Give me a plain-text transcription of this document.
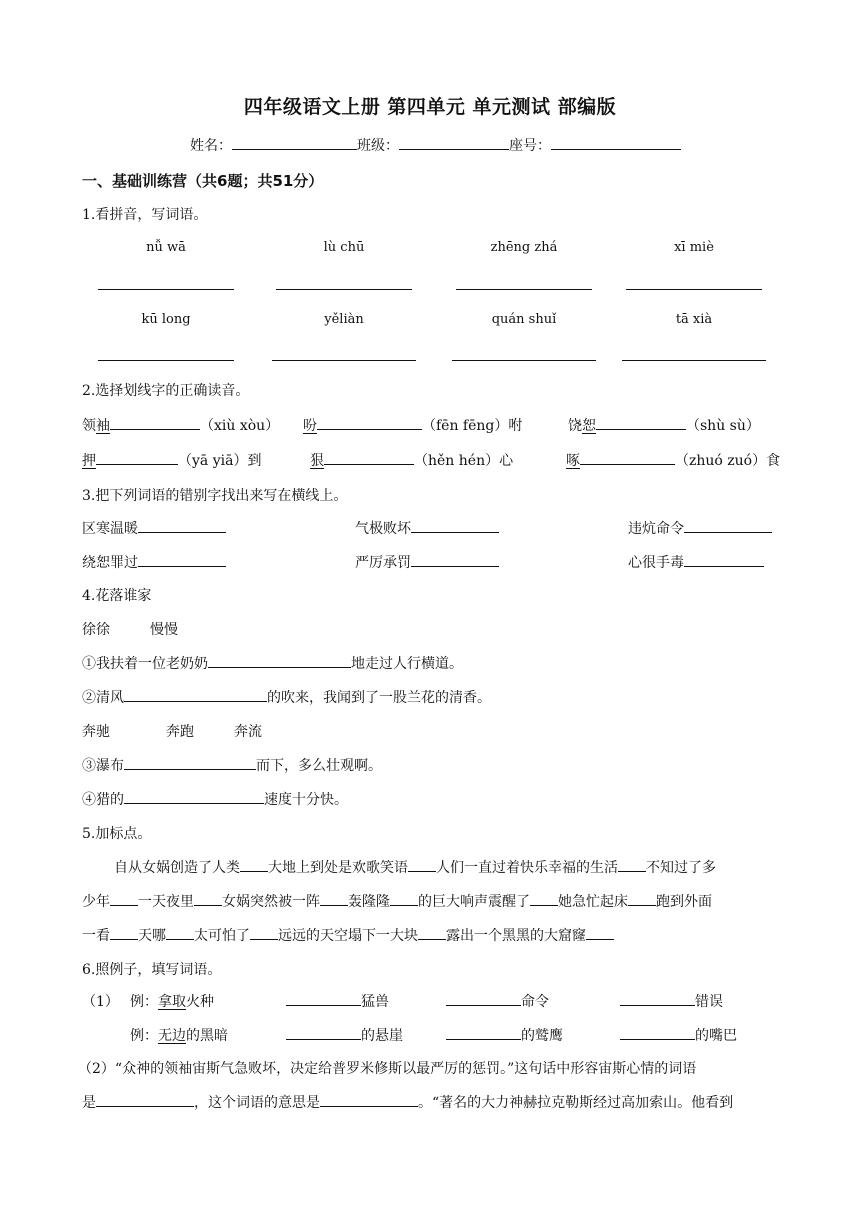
四年级语文上册 第四单元 单元测试 部编版
姓名：	班级：	座号：
一、基础训练营（共6题；共51分）
1.看拼音，写词语。
nǚ wā	lù chū	zhēng zhá	xī miè
kū long	yěliàn	quán shuǐ	tā xià
2.选择划线字的正确读音。
领袖	（xiù xòu） 吩	（fēn fēng）咐	饶恕	（shù sù）
押	（yā yiā）到	狠	（hěn hén）心	啄	（zhuó zuó）食
3.把下列词语的错别字找出来写在横线上。
区寒温暖	气极败坏	违炕命令
绕恕罪过	严厉承罚	心很手毒
4.花落谁家
徐徐	慢慢
①我扶着一位老奶奶	地走过人行横道。
②清风	的吹来，我闻到了一股兰花的清香。
奔驰	奔跑	奔流
③瀑布	而下，多么壮观啊。
④猎的	速度十分快。
5.加标点。
自从女娲创造了人类 大地上到处是欢歌笑语 人们一直过着快乐幸福的生活 不知过了多
少年 一天夜里 女娲突然被一阵 轰隆隆 的巨大响声震醒了 她急忙起床 跑到外面
一看 天哪 太可怕了 远远的天空塌下一大块 露出一个黑黑的大窟窿
6.照例子，填写词语。
（1） 例：拿取火种	猛兽	命令	错误
例：无边的黑暗	的悬崖	的鹫鹰	的嘴巴
（2）“众神的领袖宙斯气急败坏，决定给普罗米修斯以最严厉的惩罚。”这句话中形容宙斯心情的词语
是	，这个词语的意思是	。“著名的大力神赫拉克勒斯经过高加索山。他看到
